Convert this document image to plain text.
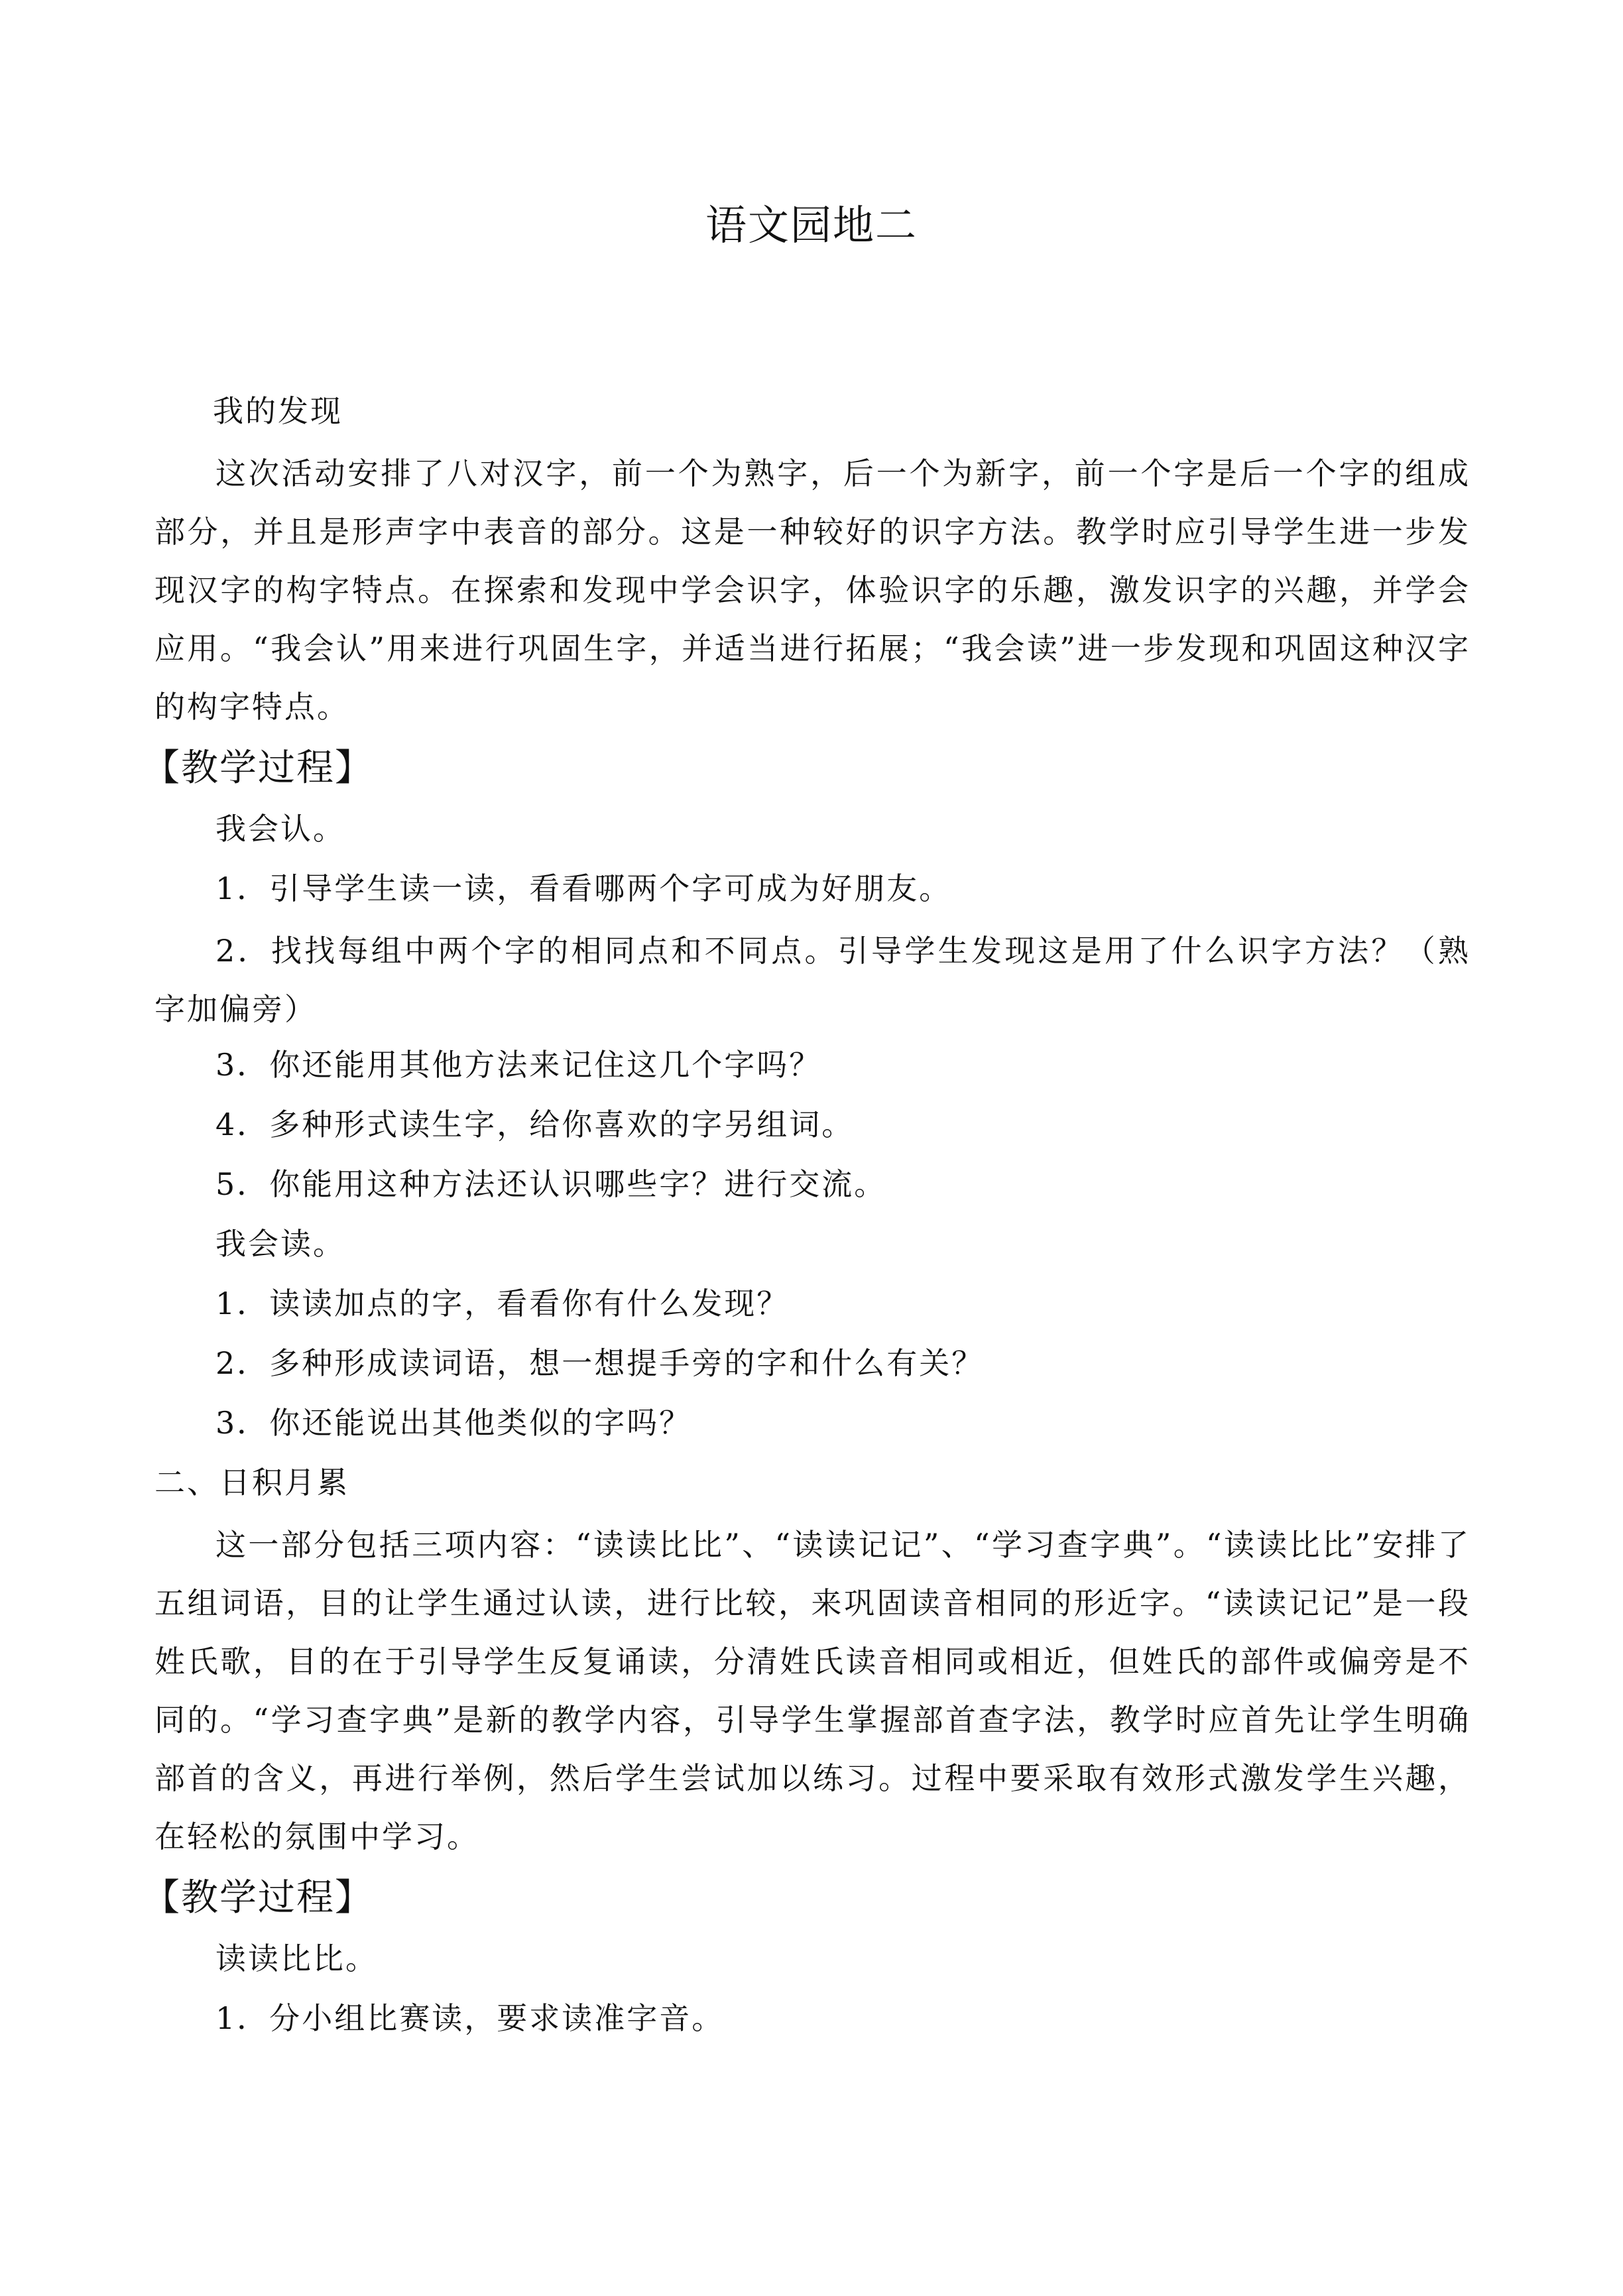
语文园地二

我的发现

这次活动安排了八对汉字，前一个为熟字，后一个为新字，前一个字是后一个字的组成部分，并且是形声字中表音的部分。这是一种较好的识字方法。教学时应引导学生进一步发现汉字的构字特点。在探索和发现中学会识字，体验识字的乐趣，激发识字的兴趣，并学会应用。“我会认”用来进行巩固生字，并适当进行拓展；“我会读”进一步发现和巩固这种汉字的构字特点。

【教学过程】

我会认。

1．引导学生读一读，看看哪两个字可成为好朋友。

2．找找每组中两个字的相同点和不同点。引导学生发现这是用了什么识字方法？（熟字加偏旁）

3．你还能用其他方法来记住这几个字吗？

4．多种形式读生字，给你喜欢的字另组词。

5．你能用这种方法还认识哪些字？进行交流。

我会读。

1．读读加点的字，看看你有什么发现？

2．多种形成读词语，想一想提手旁的字和什么有关？

3．你还能说出其他类似的字吗？

二、日积月累

这一部分包括三项内容：“读读比比”、“读读记记”、“学习查字典”。“读读比比”安排了五组词语，目的让学生通过认读，进行比较，来巩固读音相同的形近字。“读读记记”是一段姓氏歌，目的在于引导学生反复诵读，分清姓氏读音相同或相近，但姓氏的部件或偏旁是不同的。“学习查字典”是新的教学内容，引导学生掌握部首查字法，教学时应首先让学生明确部首的含义，再进行举例，然后学生尝试加以练习。过程中要采取有效形式激发学生兴趣，在轻松的氛围中学习。

【教学过程】

读读比比。

1．分小组比赛读，要求读准字音。
